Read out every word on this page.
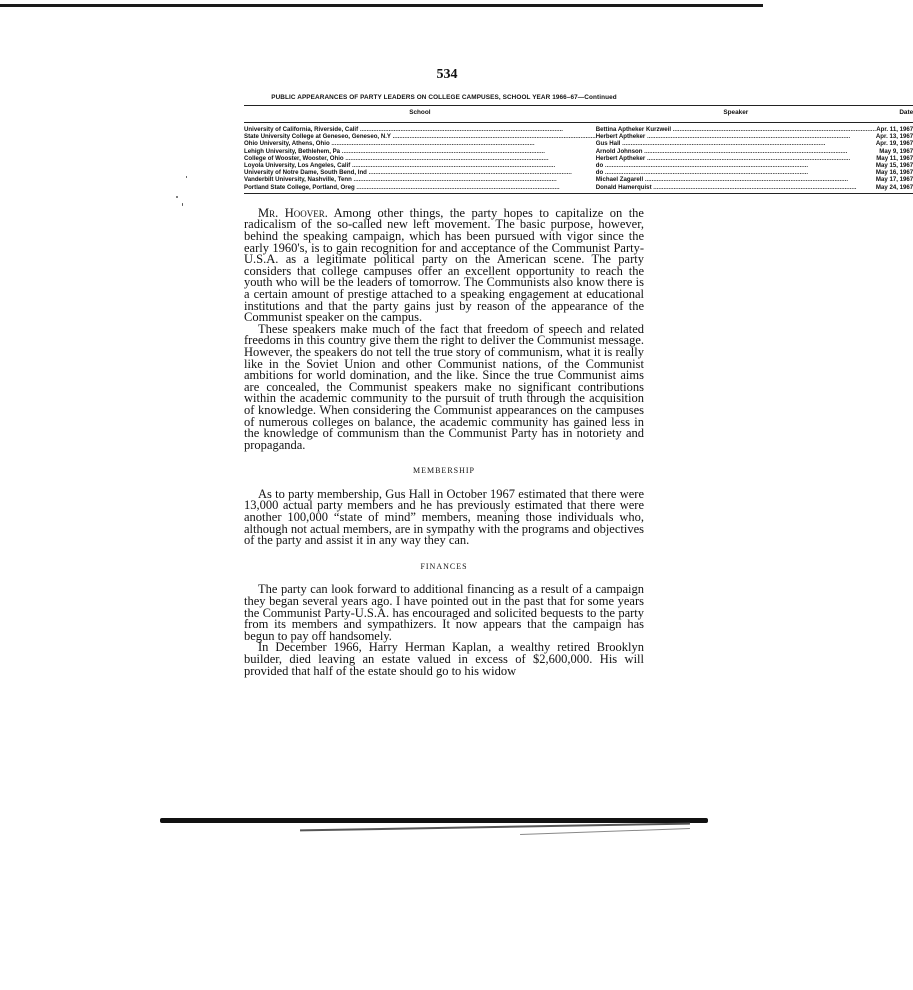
534
PUBLIC APPEARANCES OF PARTY LEADERS ON COLLEGE CAMPUSES, SCHOOL YEAR 1966–67—Continued
School	Speaker	Date
University of California, Riverside, Calif ........................................................................................................................	Bettina Aptheker Kurzweil ........................................................................................................................	Apr. 11, 1967
State University College at Geneseo, Geneseo, N.Y ........................................................................................................................	Herbert Aptheker ........................................................................................................................	Apr. 13, 1967
Ohio University, Athens, Ohio ........................................................................................................................	Gus Hall ........................................................................................................................	Apr. 19, 1967
Lehigh University, Bethlehem, Pa ........................................................................................................................	Arnold Johnson ........................................................................................................................	May 9, 1967
College of Wooster, Wooster, Ohio ........................................................................................................................	Herbert Aptheker ........................................................................................................................	May 11, 1967
Loyola University, Los Angeles, Calif ........................................................................................................................	do ........................................................................................................................	May 15, 1967
University of Notre Dame, South Bend, Ind ........................................................................................................................	do ........................................................................................................................	May 16, 1967
Vanderbilt University, Nashville, Tenn ........................................................................................................................	Michael Zagarell ........................................................................................................................	May 17, 1967
Portland State College, Portland, Oreg ........................................................................................................................	Donald Hamerquist ........................................................................................................................	May 24, 1967

Mr. Hoover. Among other things, the party hopes to capitalize on the radicalism of the so-called new left movement. The basic purpose, however, behind the speaking campaign, which has been pursued with vigor since the early 1960's, is to gain recognition for and acceptance of the Communist Party-U.S.A. as a legitimate political party on the American scene. The party considers that college campuses offer an excellent opportunity to reach the youth who will be the leaders of tomorrow. The Communists also know there is a certain amount of prestige attached to a speaking engagement at educational institutions and that the party gains just by reason of the appearance of the Communist speaker on the campus.

These speakers make much of the fact that freedom of speech and related freedoms in this country give them the right to deliver the Communist message. However, the speakers do not tell the true story of communism, what it is really like in the Soviet Union and other Communist nations, of the Communist ambitions for world domination, and the like. Since the true Communist aims are concealed, the Communist speakers make no significant contributions within the academic community to the pursuit of truth through the acquisition of knowledge. When considering the Communist appearances on the campuses of numerous colleges on balance, the academic community has gained less in the knowledge of communism than the Communist Party has in notoriety and propaganda.

MEMBERSHIP

As to party membership, Gus Hall in October 1967 estimated that there were 13,000 actual party members and he has previously estimated that there were another 100,000 “state of mind” members, meaning those individuals who, although not actual members, are in sympathy with the programs and objectives of the party and assist it in any way they can.

FINANCES

The party can look forward to additional financing as a result of a campaign they began several years ago. I have pointed out in the past that for some years the Communist Party-U.S.A. has encouraged and solicited bequests to the party from its members and sympathizers. It now appears that the campaign has begun to pay off handsomely.

In December 1966, Harry Herman Kaplan, a wealthy retired Brooklyn builder, died leaving an estate valued in excess of $2,600,000. His will provided that half of the estate should go to his widow
